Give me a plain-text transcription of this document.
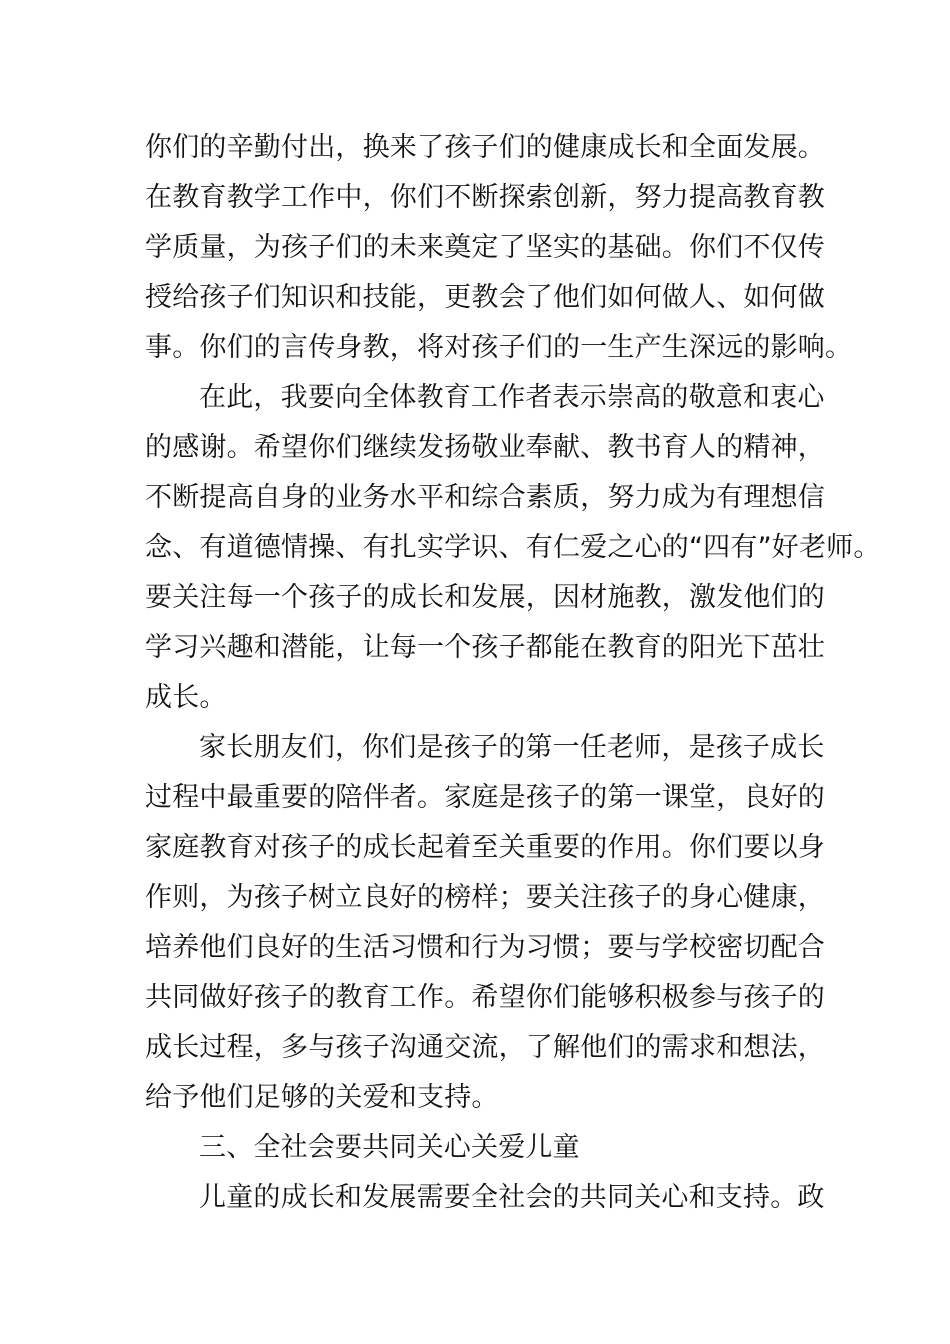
你们的辛勤付出，换来了孩子们的健康成长和全面发展。
在教育教学工作中，你们不断探索创新，努力提高教育教
学质量，为孩子们的未来奠定了坚实的基础。你们不仅传
授给孩子们知识和技能，更教会了他们如何做人、如何做
事。你们的言传身教，将对孩子们的一生产生深远的影响。

在此，我要向全体教育工作者表示崇高的敬意和衷心
的感谢。希望你们继续发扬敬业奉献、教书育人的精神，
不断提高自身的业务水平和综合素质，努力成为有理想信
念、有道德情操、有扎实学识、有仁爱之心的“四有”好老师。
要关注每一个孩子的成长和发展，因材施教，激发他们的
学习兴趣和潜能，让每一个孩子都能在教育的阳光下茁壮
成长。

家长朋友们，你们是孩子的第一任老师，是孩子成长
过程中最重要的陪伴者。家庭是孩子的第一课堂，良好的
家庭教育对孩子的成长起着至关重要的作用。你们要以身
作则，为孩子树立良好的榜样；要关注孩子的身心健康，
培养他们良好的生活习惯和行为习惯；要与学校密切配合
共同做好孩子的教育工作。希望你们能够积极参与孩子的
成长过程，多与孩子沟通交流，了解他们的需求和想法，
给予他们足够的关爱和支持。

三、全社会要共同关心关爱儿童

儿童的成长和发展需要全社会的共同关心和支持。政
